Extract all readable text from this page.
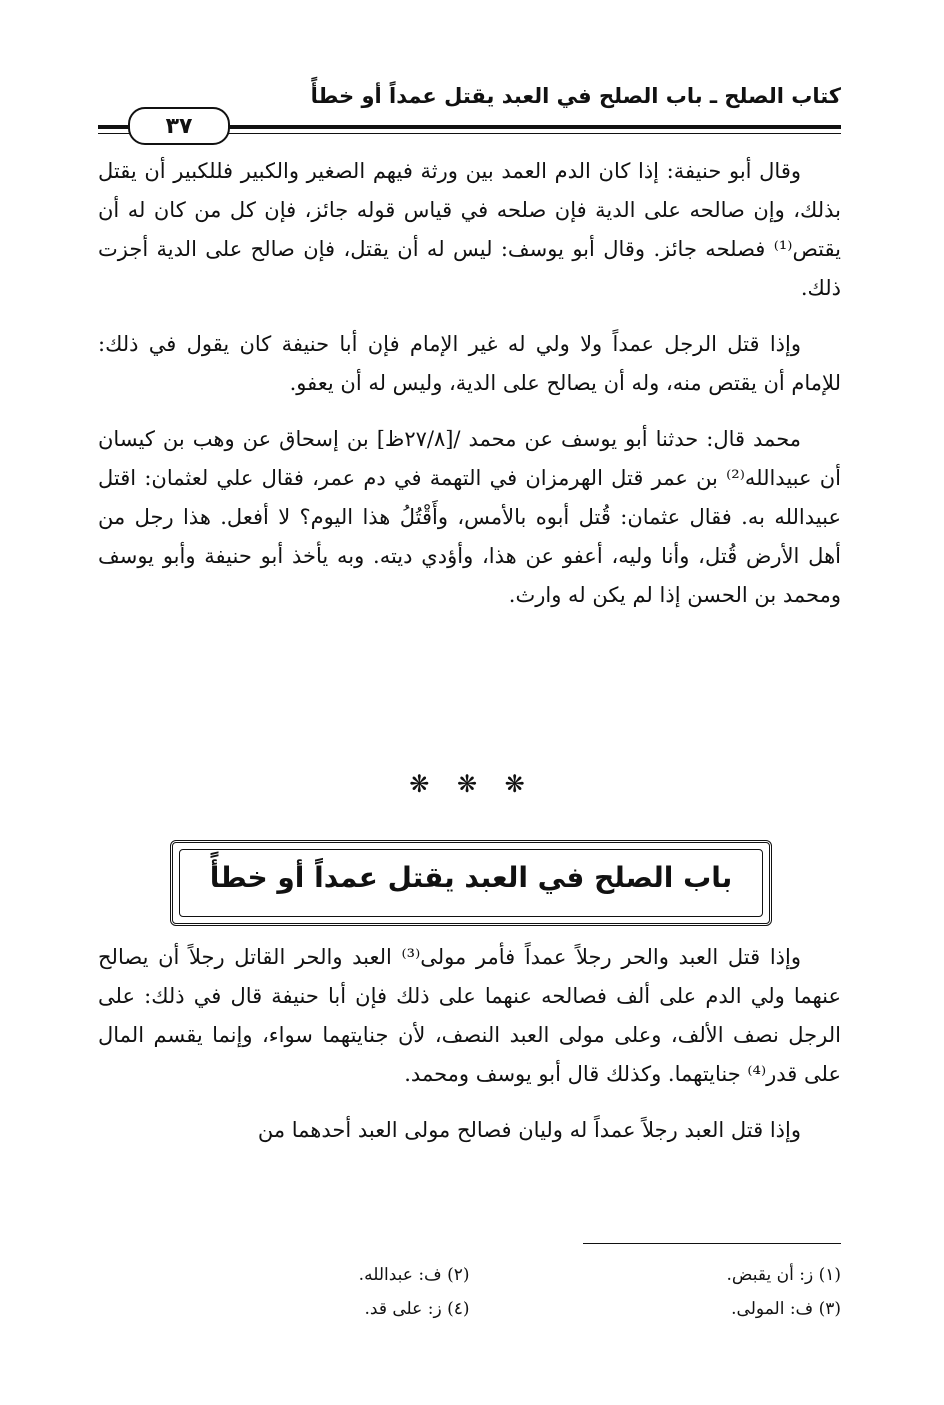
كتاب الصلح ـ باب الصلح في العبد يقتل عمداً أو خطأً
٣٧

وقال أبو حنيفة: إذا كان الدم العمد بين ورثة فيهم الصغير والكبير فللكبير أن يقتل بذلك، وإن صالحه على الدية فإن صلحه في قياس قوله جائز، فإن كل من كان له أن يقتص⁽¹⁾ فصلحه جائز. وقال أبو يوسف: ليس له أن يقتل، فإن صالح على الدية أجزت ذلك.

وإذا قتل الرجل عمداً ولا ولي له غير الإمام فإن أبا حنيفة كان يقول في ذلك: للإمام أن يقتص منه، وله أن يصالح على الدية، وليس له أن يعفو.

محمد قال: حدثنا أبو يوسف عن محمد /[٢٧/٨ظ] بن إسحاق عن وهب بن كيسان أن عبيدالله⁽²⁾ بن عمر قتل الهرمزان في التهمة في دم عمر، فقال علي لعثمان: اقتل عبيدالله به. فقال عثمان: قُتل أبوه بالأمس، وأَقْتُلُ هذا اليوم؟ لا أفعل. هذا رجل من أهل الأرض قُتل، وأنا وليه، أعفو عن هذا، وأؤدي ديته. وبه يأخذ أبو حنيفة وأبو يوسف ومحمد بن الحسن إذا لم يكن له وارث.

❋ ❋ ❋
باب الصلح في العبد يقتل عمداً أو خطأً

وإذا قتل العبد والحر رجلاً عمداً فأمر مولى⁽³⁾ العبد والحر القاتل رجلاً أن يصالح عنهما ولي الدم على ألف فصالحه عنهما على ذلك فإن أبا حنيفة قال في ذلك: على الرجل نصف الألف، وعلى مولى العبد النصف، لأن جنايتهما سواء، وإنما يقسم المال على قدر⁽⁴⁾ جنايتهما. وكذلك قال أبو يوسف ومحمد.

وإذا قتل العبد رجلاً عمداً له وليان فصالح مولى العبد أحدهما من

(١) ز: أن يقبض.
(٢) ف: عبدالله.
(٣) ف: المولى.
(٤) ز: على قد.
